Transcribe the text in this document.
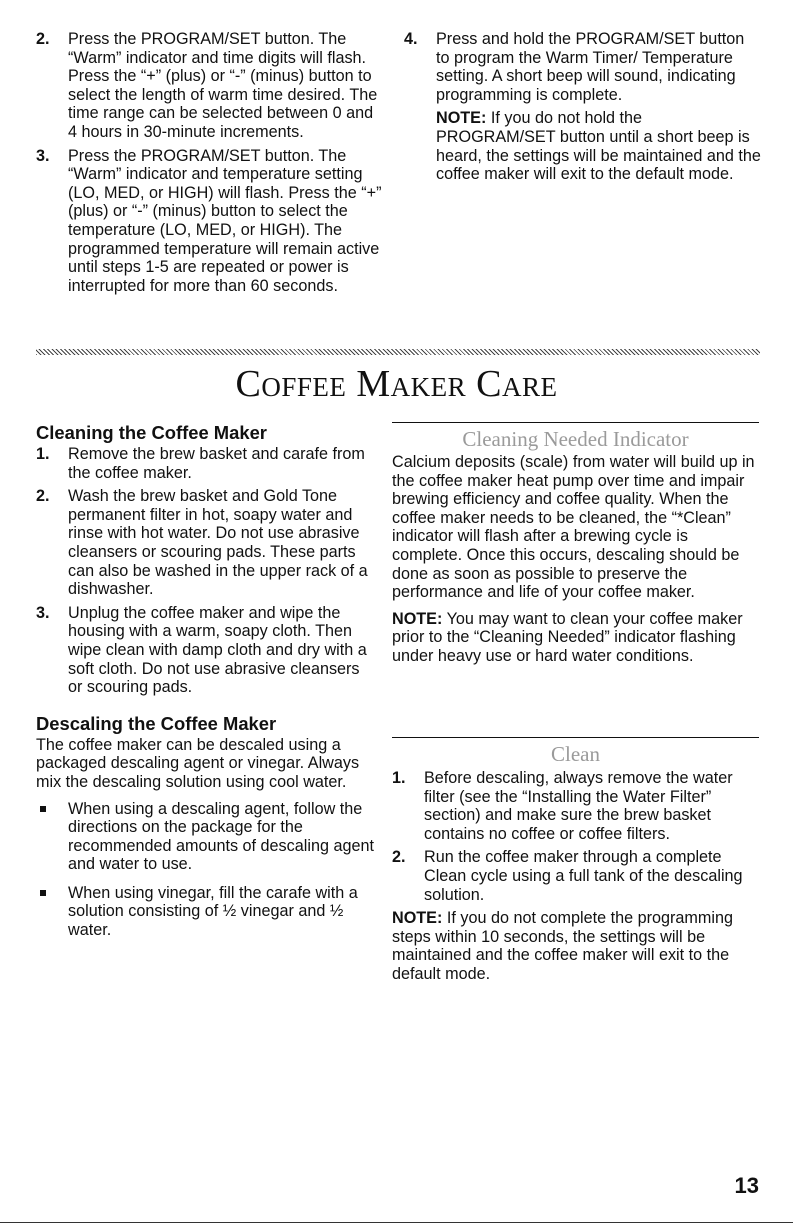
2. Press the PROGRAM/SET button. The “Warm” indicator and time digits will flash. Press the “+” (plus) or “-” (minus) button to select the length of warm time desired. The time range can be selected between 0 and 4 hours in 30-minute increments.
3. Press the PROGRAM/SET button. The “Warm” indicator and temperature setting (LO, MED, or HIGH) will flash. Press the “+” (plus) or “-” (minus) button to select the temperature (LO, MED, or HIGH). The programmed temperature will remain active until steps 1-5 are repeated or power is interrupted for more than 60 seconds.
4. Press and hold the PROGRAM/SET button to program the Warm Timer/ Temperature setting. A short beep will sound, indicating programming is complete.
NOTE: If you do not hold the PROGRAM/SET button until a short beep is heard, the settings will be maintained and the coffee maker will exit to the default mode.
Coffee Maker Care
Cleaning the Coffee Maker
1. Remove the brew basket and carafe from the coffee maker.
2. Wash the brew basket and Gold Tone permanent filter in hot, soapy water and rinse with hot water. Do not use abrasive cleansers or scouring pads. These parts can also be washed in the upper rack of a dishwasher.
3. Unplug the coffee maker and wipe the housing with a warm, soapy cloth. Then wipe clean with damp cloth and dry with a soft cloth. Do not use abrasive cleansers or scouring pads.
Descaling the Coffee Maker
The coffee maker can be descaled using a packaged descaling agent or vinegar. Always mix the descaling solution using cool water.
When using a descaling agent, follow the directions on the package for the recommended amounts of descaling agent and water to use.
When using vinegar, fill the carafe with a solution consisting of ½ vinegar and ½ water.
Cleaning Needed Indicator
Calcium deposits (scale) from water will build up in the coffee maker heat pump over time and impair brewing efficiency and coffee quality. When the coffee maker needs to be cleaned, the “*Clean” indicator will flash after a brewing cycle is complete. Once this occurs, descaling should be done as soon as possible to preserve the performance and life of your coffee maker.
NOTE: You may want to clean your coffee maker prior to the “Cleaning Needed” indicator flashing under heavy use or hard water conditions.
Clean
1. Before descaling, always remove the water filter (see the “Installing the Water Filter” section) and make sure the brew basket contains no coffee or coffee filters.
2. Run the coffee maker through a complete Clean cycle using a full tank of the descaling solution.
NOTE: If you do not complete the programming steps within 10 seconds, the settings will be maintained and the coffee maker will exit to the default mode.
13
